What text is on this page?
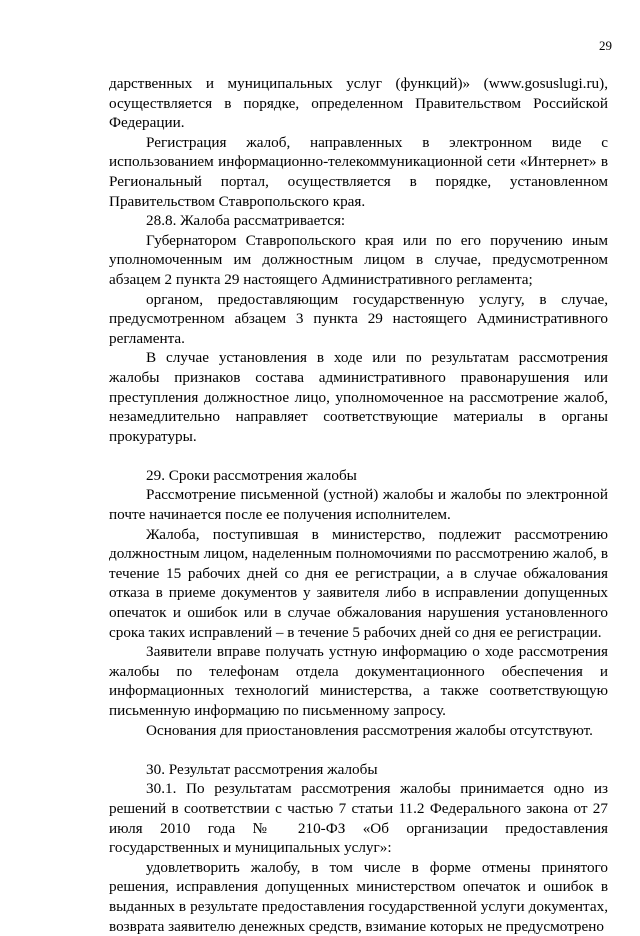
29

дарственных и муниципальных услуг (функций)» (www.gosuslugi.ru), осуществляется в порядке, определенном Правительством Российской Федерации.

Регистрация жалоб, направленных в электронном виде с использованием информационно-телекоммуникационной сети «Интернет» в Региональный портал, осуществляется в порядке, установленном Правительством Ставропольского края.

28.8. Жалоба рассматривается:

Губернатором Ставропольского края или по его поручению иным уполномоченным им должностным лицом в случае, предусмотренном абзацем 2 пункта 29 настоящего Административного регламента;

органом, предоставляющим государственную услугу, в случае, предусмотренном абзацем 3 пункта 29 настоящего Административного регламента.

В случае установления в ходе или по результатам рассмотрения жалобы признаков состава административного правонарушения или преступления должностное лицо, уполномоченное на рассмотрение жалоб, незамедлительно направляет соответствующие материалы в органы прокуратуры.

29. Сроки рассмотрения жалобы

Рассмотрение письменной (устной) жалобы и жалобы по электронной почте начинается после ее получения исполнителем.

Жалоба, поступившая в министерство, подлежит рассмотрению должностным лицом, наделенным полномочиями по рассмотрению жалоб, в течение 15 рабочих дней со дня ее регистрации, а в случае обжалования отказа в приеме документов у заявителя либо в исправлении допущенных опечаток и ошибок или в случае обжалования нарушения установленного срока таких исправлений – в течение 5 рабочих дней со дня ее регистрации.

Заявители вправе получать устную информацию о ходе рассмотрения жалобы по телефонам отдела документационного обеспечения и информационных технологий министерства, а также соответствующую письменную информацию по письменному запросу.

Основания для приостановления рассмотрения жалобы отсутствуют.

30. Результат рассмотрения жалобы

30.1. По результатам рассмотрения жалобы принимается одно из решений в соответствии с частью 7 статьи 11.2 Федерального закона от 27 июля 2010 года № 210-ФЗ «Об организации предоставления государственных и муниципальных услуг»:

удовлетворить жалобу, в том числе в форме отмены принятого решения, исправления допущенных министерством опечаток и ошибок в выданных в результате предоставления государственной услуги документах, возврата заявителю денежных средств, взимание которых не предусмотрено
